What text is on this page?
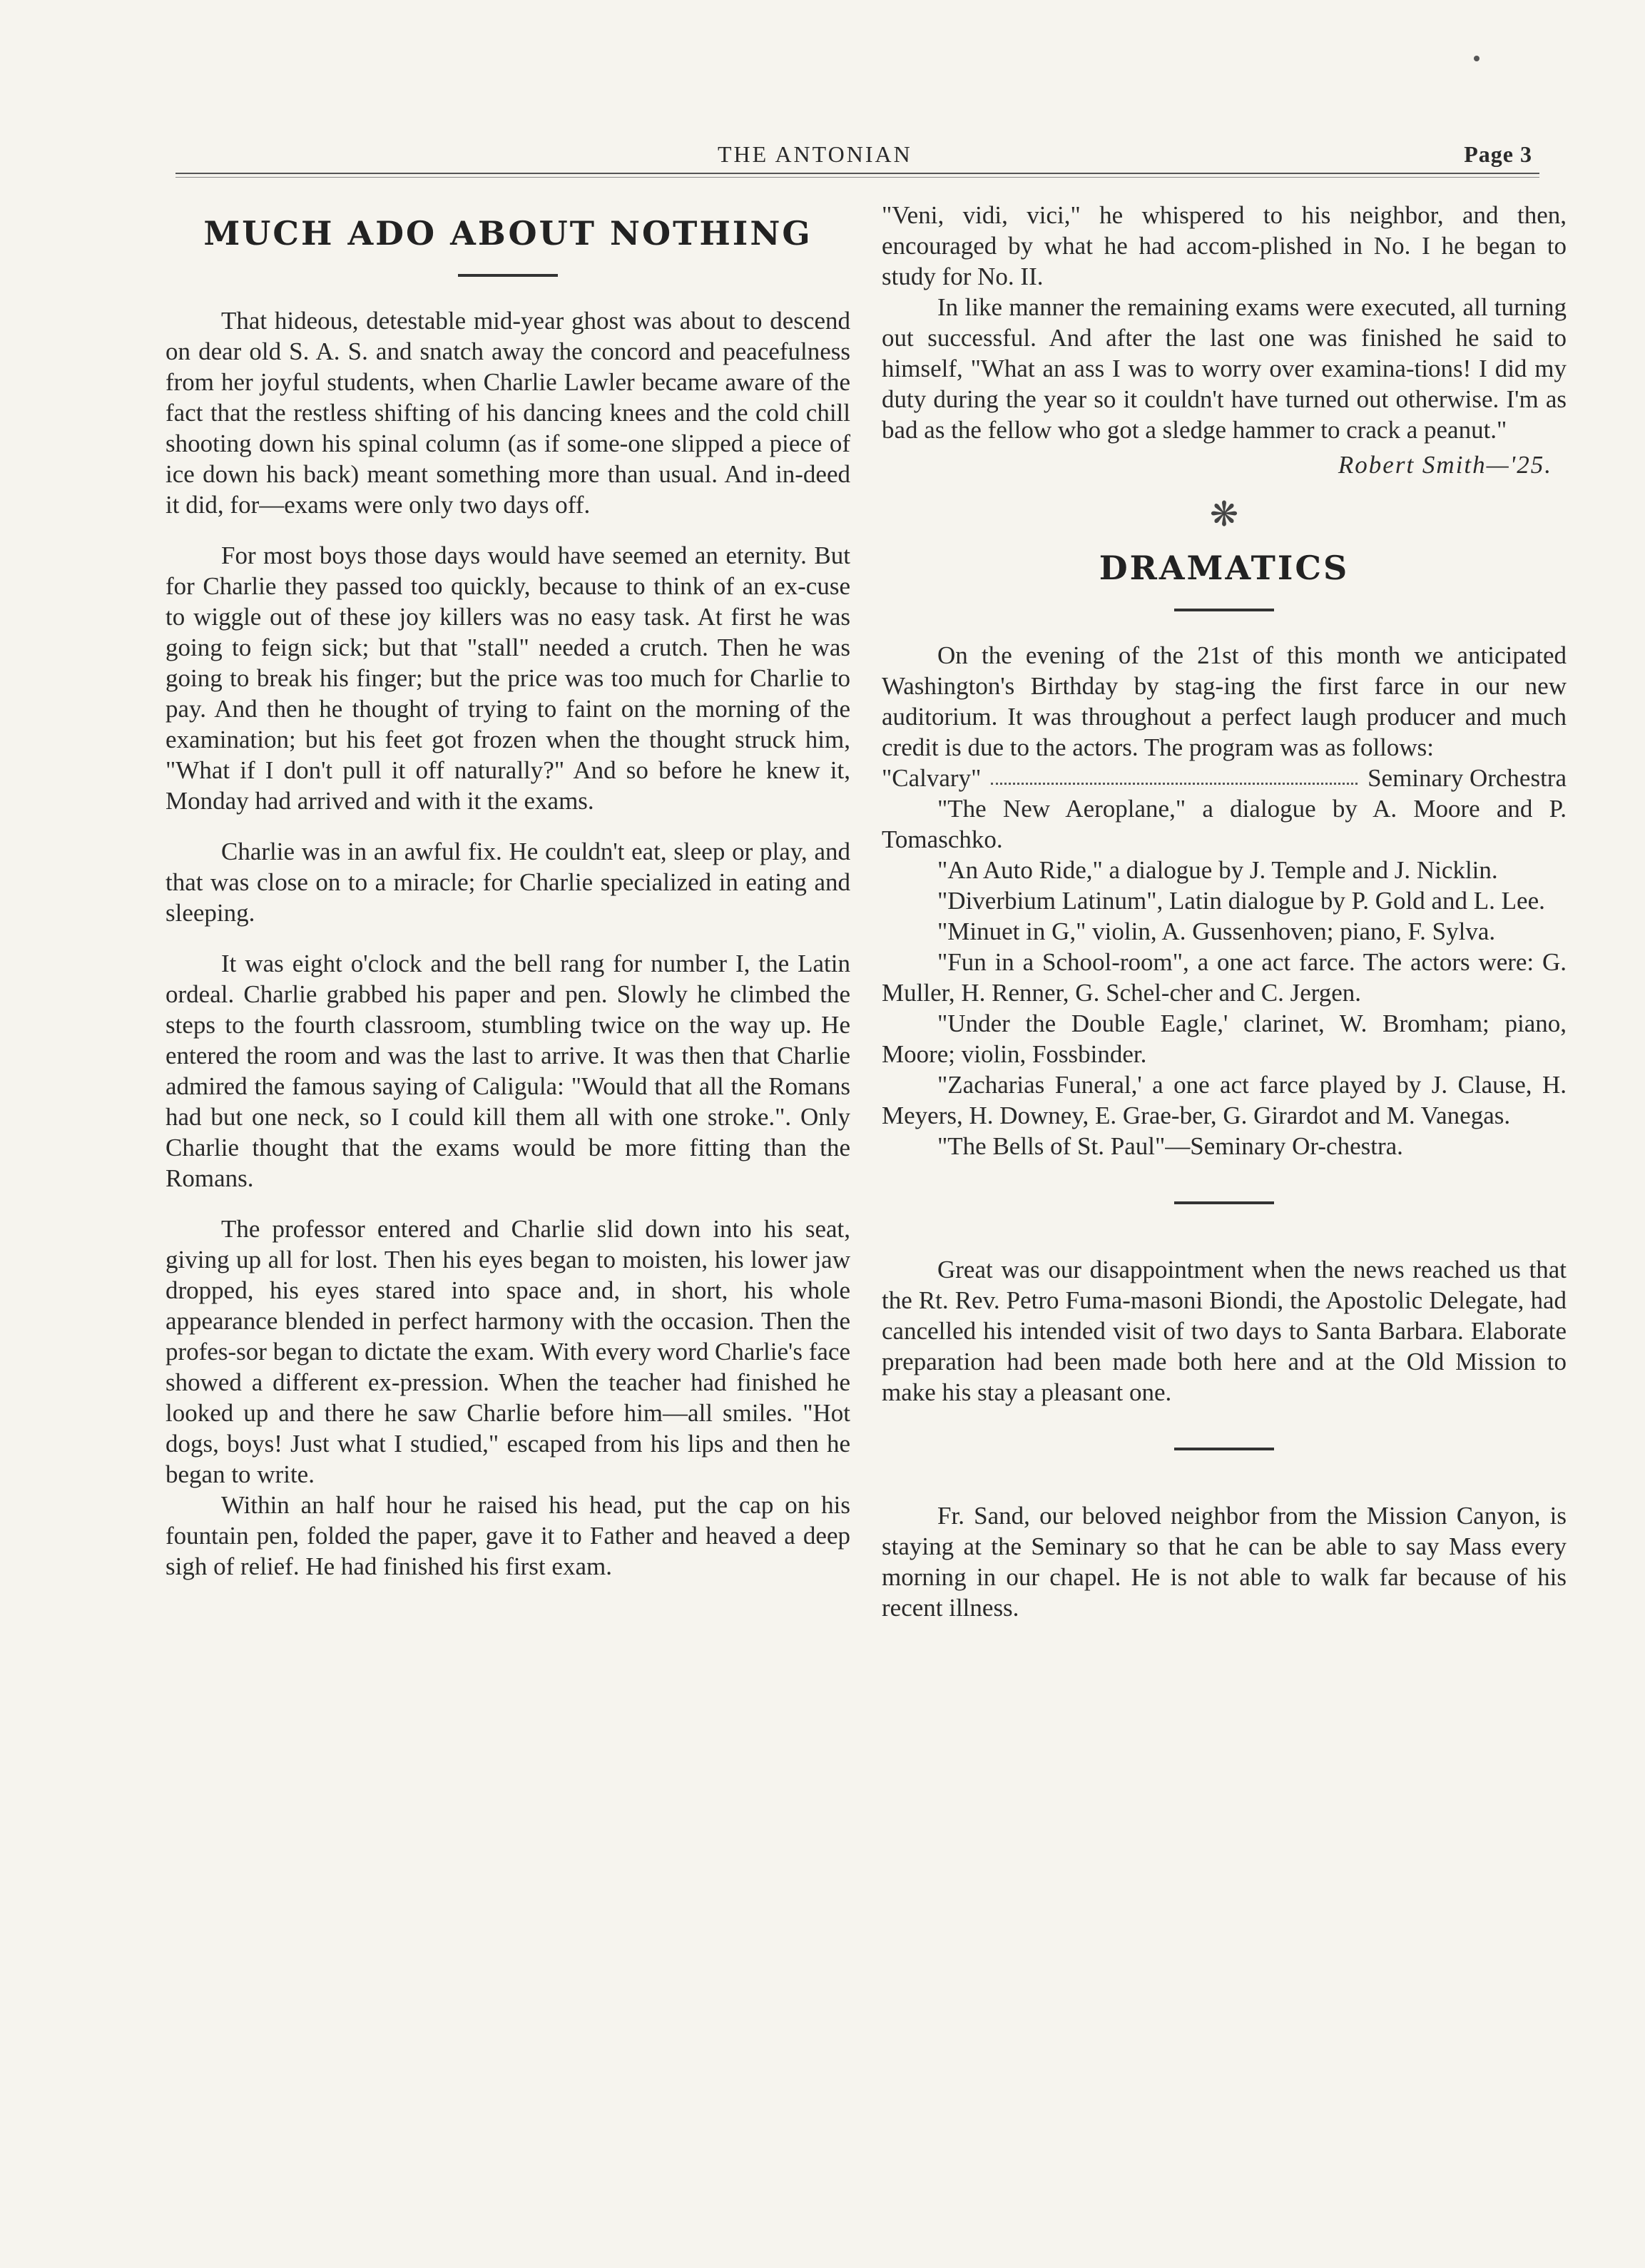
THE ANTONIAN	Page 3
MUCH ADO ABOUT NOTHING

That hideous, detestable mid-year ghost was about to descend on dear old S. A. S. and snatch away the concord and peacefulness from her joyful students, when Charlie Lawler became aware of the fact that the restless shifting of his dancing knees and the cold chill shooting down his spinal column (as if some-one slipped a piece of ice down his back) meant something more than usual. And in-deed it did, for—exams were only two days off.

For most boys those days would have seemed an eternity. But for Charlie they passed too quickly, because to think of an ex-cuse to wiggle out of these joy killers was no easy task. At first he was going to feign sick; but that "stall" needed a crutch. Then he was going to break his finger; but the price was too much for Charlie to pay. And then he thought of trying to faint on the morning of the examination; but his feet got frozen when the thought struck him, "What if I don't pull it off naturally?" And so before he knew it, Monday had arrived and with it the exams.

Charlie was in an awful fix. He couldn't eat, sleep or play, and that was close on to a miracle; for Charlie specialized in eating and sleeping.

It was eight o'clock and the bell rang for number I, the Latin ordeal. Charlie grabbed his paper and pen. Slowly he climbed the steps to the fourth classroom, stumbling twice on the way up. He entered the room and was the last to arrive. It was then that Charlie admired the famous saying of Caligula: "Would that all the Romans had but one neck, so I could kill them all with one stroke.". Only Charlie thought that the exams would be more fitting than the Romans.

The professor entered and Charlie slid down into his seat, giving up all for lost. Then his eyes began to moisten, his lower jaw dropped, his eyes stared into space and, in short, his whole appearance blended in perfect harmony with the occasion. Then the profes-sor began to dictate the exam. With every word Charlie's face showed a different ex-pression. When the teacher had finished he looked up and there he saw Charlie before him—all smiles. "Hot dogs, boys! Just what I studied," escaped from his lips and then he began to write.

Within an half hour he raised his head, put the cap on his fountain pen, folded the paper, gave it to Father and heaved a deep sigh of relief. He had finished his first exam.

"Veni, vidi, vici," he whispered to his neighbor, and then, encouraged by what he had accom-plished in No. I he began to study for No. II.

In like manner the remaining exams were executed, all turning out successful. And after the last one was finished he said to himself, "What an ass I was to worry over examina-tions! I did my duty during the year so it couldn't have turned out otherwise. I'm as bad as the fellow who got a sledge hammer to crack a peanut."

Robert Smith—'25.
❋
DRAMATICS

On the evening of the 21st of this month we anticipated Washington's Birthday by stag-ing the first farce in our new auditorium. It was throughout a perfect laugh producer and much credit is due to the actors. The program was as follows:

"Calvary"	Seminary Orchestra
"The New Aeroplane," a dialogue by A. Moore and P. Tomaschko.
"An Auto Ride," a dialogue by J. Temple and J. Nicklin.
"Diverbium Latinum", Latin dialogue by P. Gold and L. Lee.
"Minuet in G," violin, A. Gussenhoven; piano, F. Sylva.
"Fun in a School-room", a one act farce. The actors were: G. Muller, H. Renner, G. Schel-cher and C. Jergen.
"Under the Double Eagle,' clarinet, W. Bromham; piano, Moore; violin, Fossbinder.
"Zacharias Funeral,' a one act farce played by J. Clause, H. Meyers, H. Downey, E. Grae-ber, G. Girardot and M. Vanegas.
"The Bells of St. Paul"—Seminary Or-chestra.

Great was our disappointment when the news reached us that the Rt. Rev. Petro Fuma-masoni Biondi, the Apostolic Delegate, had cancelled his intended visit of two days to Santa Barbara. Elaborate preparation had been made both here and at the Old Mission to make his stay a pleasant one.

Fr. Sand, our beloved neighbor from the Mission Canyon, is staying at the Seminary so that he can be able to say Mass every morning in our chapel. He is not able to walk far because of his recent illness.
